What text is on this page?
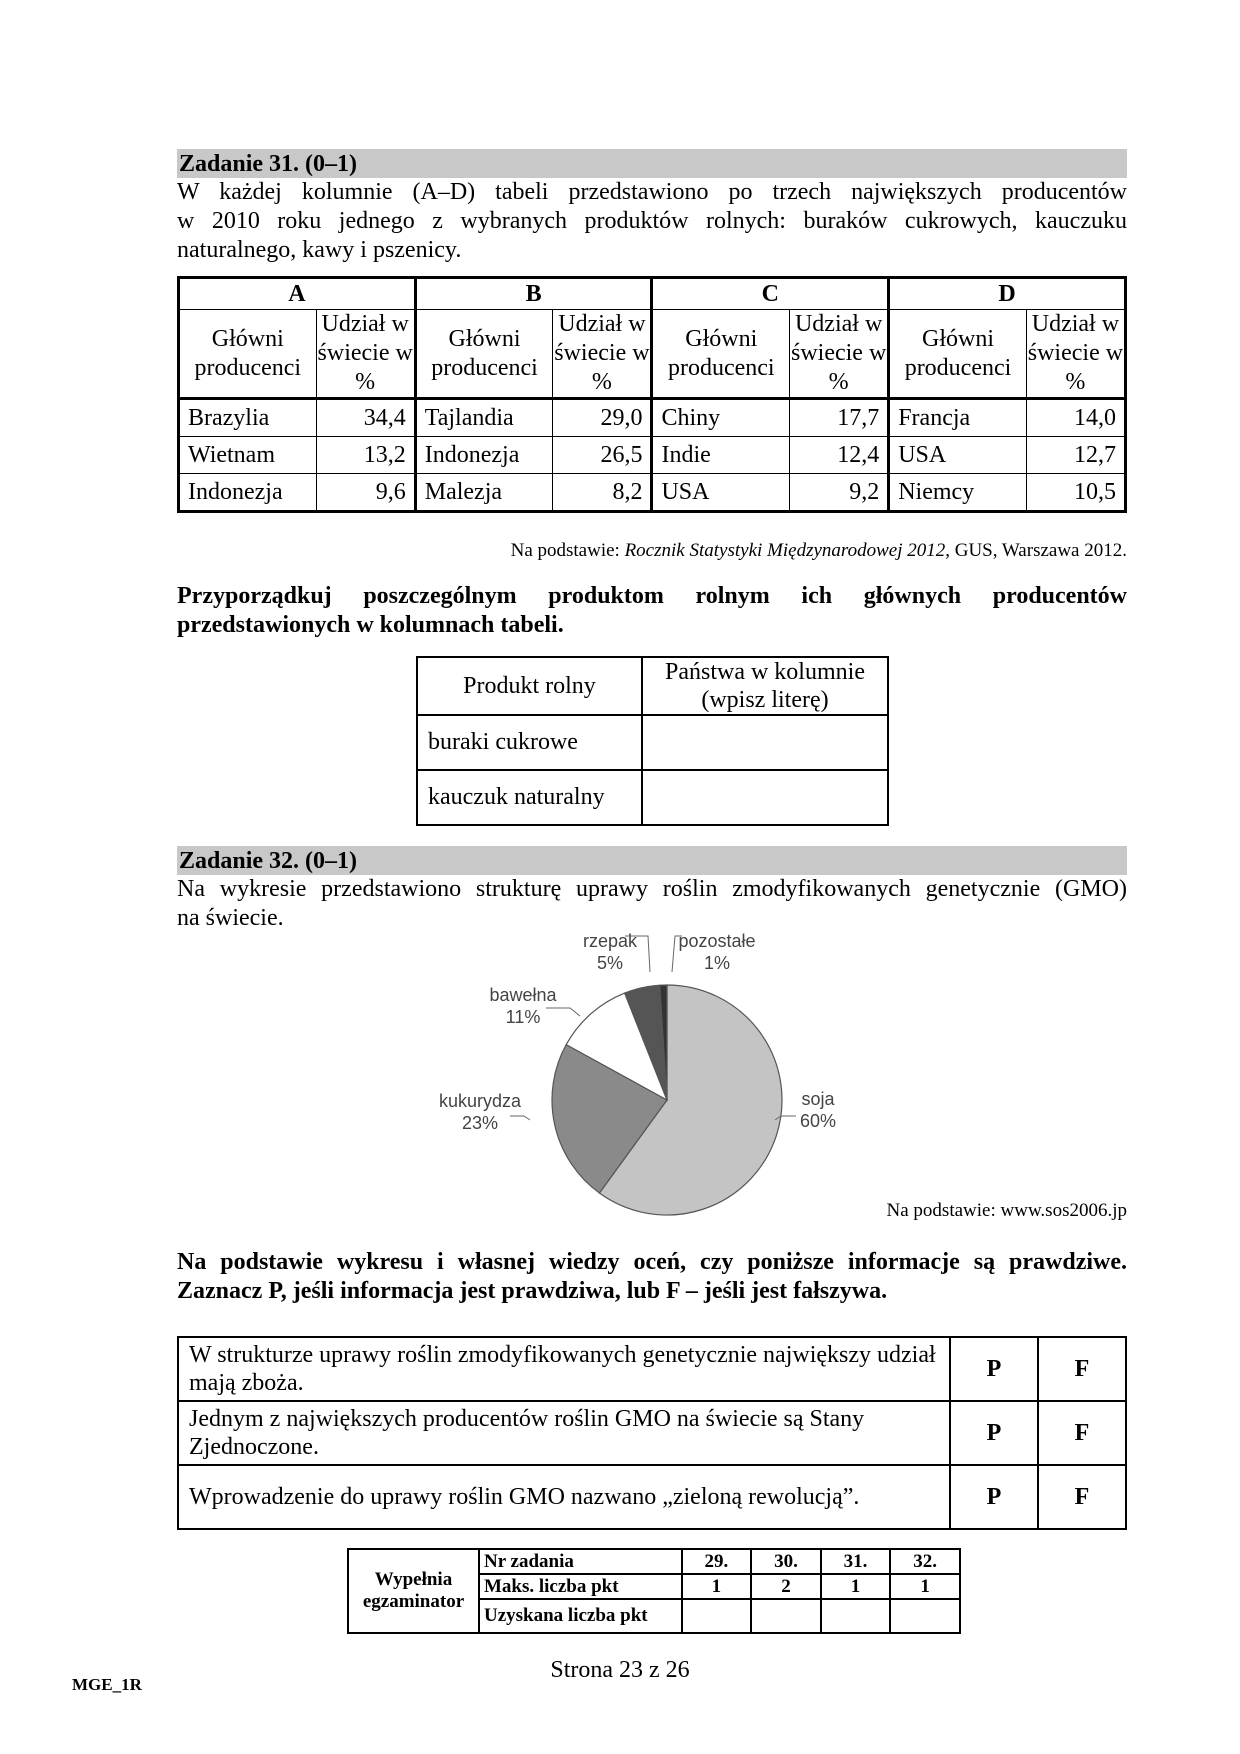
Zadanie 31. (0–1)
W każdej kolumnie (A–D) tabeli przedstawiono po trzech największych producentów
w 2010 roku jednego z wybranych produktów rolnych: buraków cukrowych, kauczuku
naturalnego, kawy i pszenicy.
A		B		C		D	
Główni producenci	Udział w świecie w %	Główni producenci	Udział w świecie w %	Główni producenci	Udział w świecie w %	Główni producenci	Udział w świecie w %
Brazylia	34,4	Tajlandia	29,0	Chiny	17,7	Francja	14,0
Wietnam	13,2	Indonezja	26,5	Indie	12,4	USA	12,7
Indonezja	9,6	Malezja	8,2	USA	9,2	Niemcy	10,5
Na podstawie: Rocznik Statystyki Międzynarodowej 2012, GUS, Warszawa 2012.
Przyporządkuj poszczególnym produktom rolnym ich głównych producentów
przedstawionych w kolumnach tabeli.
Produkt rolny	Państwa w kolumnie
(wpisz literę)

buraki cukrowe	
kauczuk naturalny	
Zadanie 32. (0–1)
Na wykresie przedstawiono strukturę uprawy roślin zmodyfikowanych genetycznie (GMO)
na świecie.
soja
60%
kukurydza
23%
bawełna
11%
rzepak
5%
pozostałe
1%
Na podstawie: www.sos2006.jp
Na podstawie wykresu i własnej wiedzy oceń, czy poniższe informacje są prawdziwe.
Zaznacz P, jeśli informacja jest prawdziwa, lub F – jeśli jest fałszywa.
W strukturze uprawy roślin zmodyfikowanych genetycznie największy udział mają zboża.	P	F
Jednym z największych producentów roślin GMO na świecie są Stany Zjednoczone.	P	F
Wprowadzenie do uprawy roślin GMO nazwano „zieloną rewolucją”.	P	F
Wypełnia
egzaminator	Nr zadania	29.	30.	31.	32.
	Maks. liczba pkt	1	2	1	1
	Uzyskana liczba pkt				
Strona 23 z 26
MGE_1R
